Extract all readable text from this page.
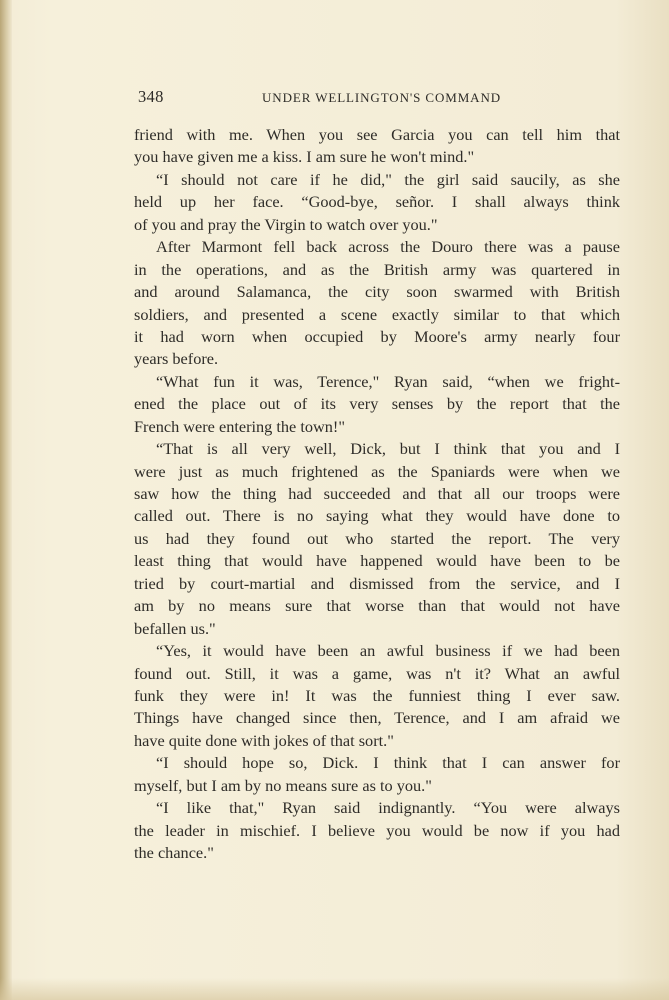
348	UNDER WELLINGTON'S COMMAND
friend with me. When you see Garcia you can tell him that
you have given me a kiss. I am sure he won't mind."
“I should not care if he did," the girl said saucily, as she
held up her face. “Good-bye, señor. I shall always think
of you and pray the Virgin to watch over you."
After Marmont fell back across the Douro there was a pause
in the operations, and as the British army was quartered in
and around Salamanca, the city soon swarmed with British
soldiers, and presented a scene exactly similar to that which
it had worn when occupied by Moore's army nearly four
years before.
“What fun it was, Terence," Ryan said, “when we fright-
ened the place out of its very senses by the report that the
French were entering the town!"
“That is all very well, Dick, but I think that you and I
were just as much frightened as the Spaniards were when we
saw how the thing had succeeded and that all our troops were
called out. There is no saying what they would have done to
us had they found out who started the report. The very
least thing that would have happened would have been to be
tried by court-martial and dismissed from the service, and I
am by no means sure that worse than that would not have
befallen us."
“Yes, it would have been an awful business if we had been
found out. Still, it was a game, was n't it? What an awful
funk they were in! It was the funniest thing I ever saw.
Things have changed since then, Terence, and I am afraid we
have quite done with jokes of that sort."
“I should hope so, Dick. I think that I can answer for
myself, but I am by no means sure as to you."
“I like that," Ryan said indignantly. “You were always
the leader in mischief. I believe you would be now if you had
the chance."
